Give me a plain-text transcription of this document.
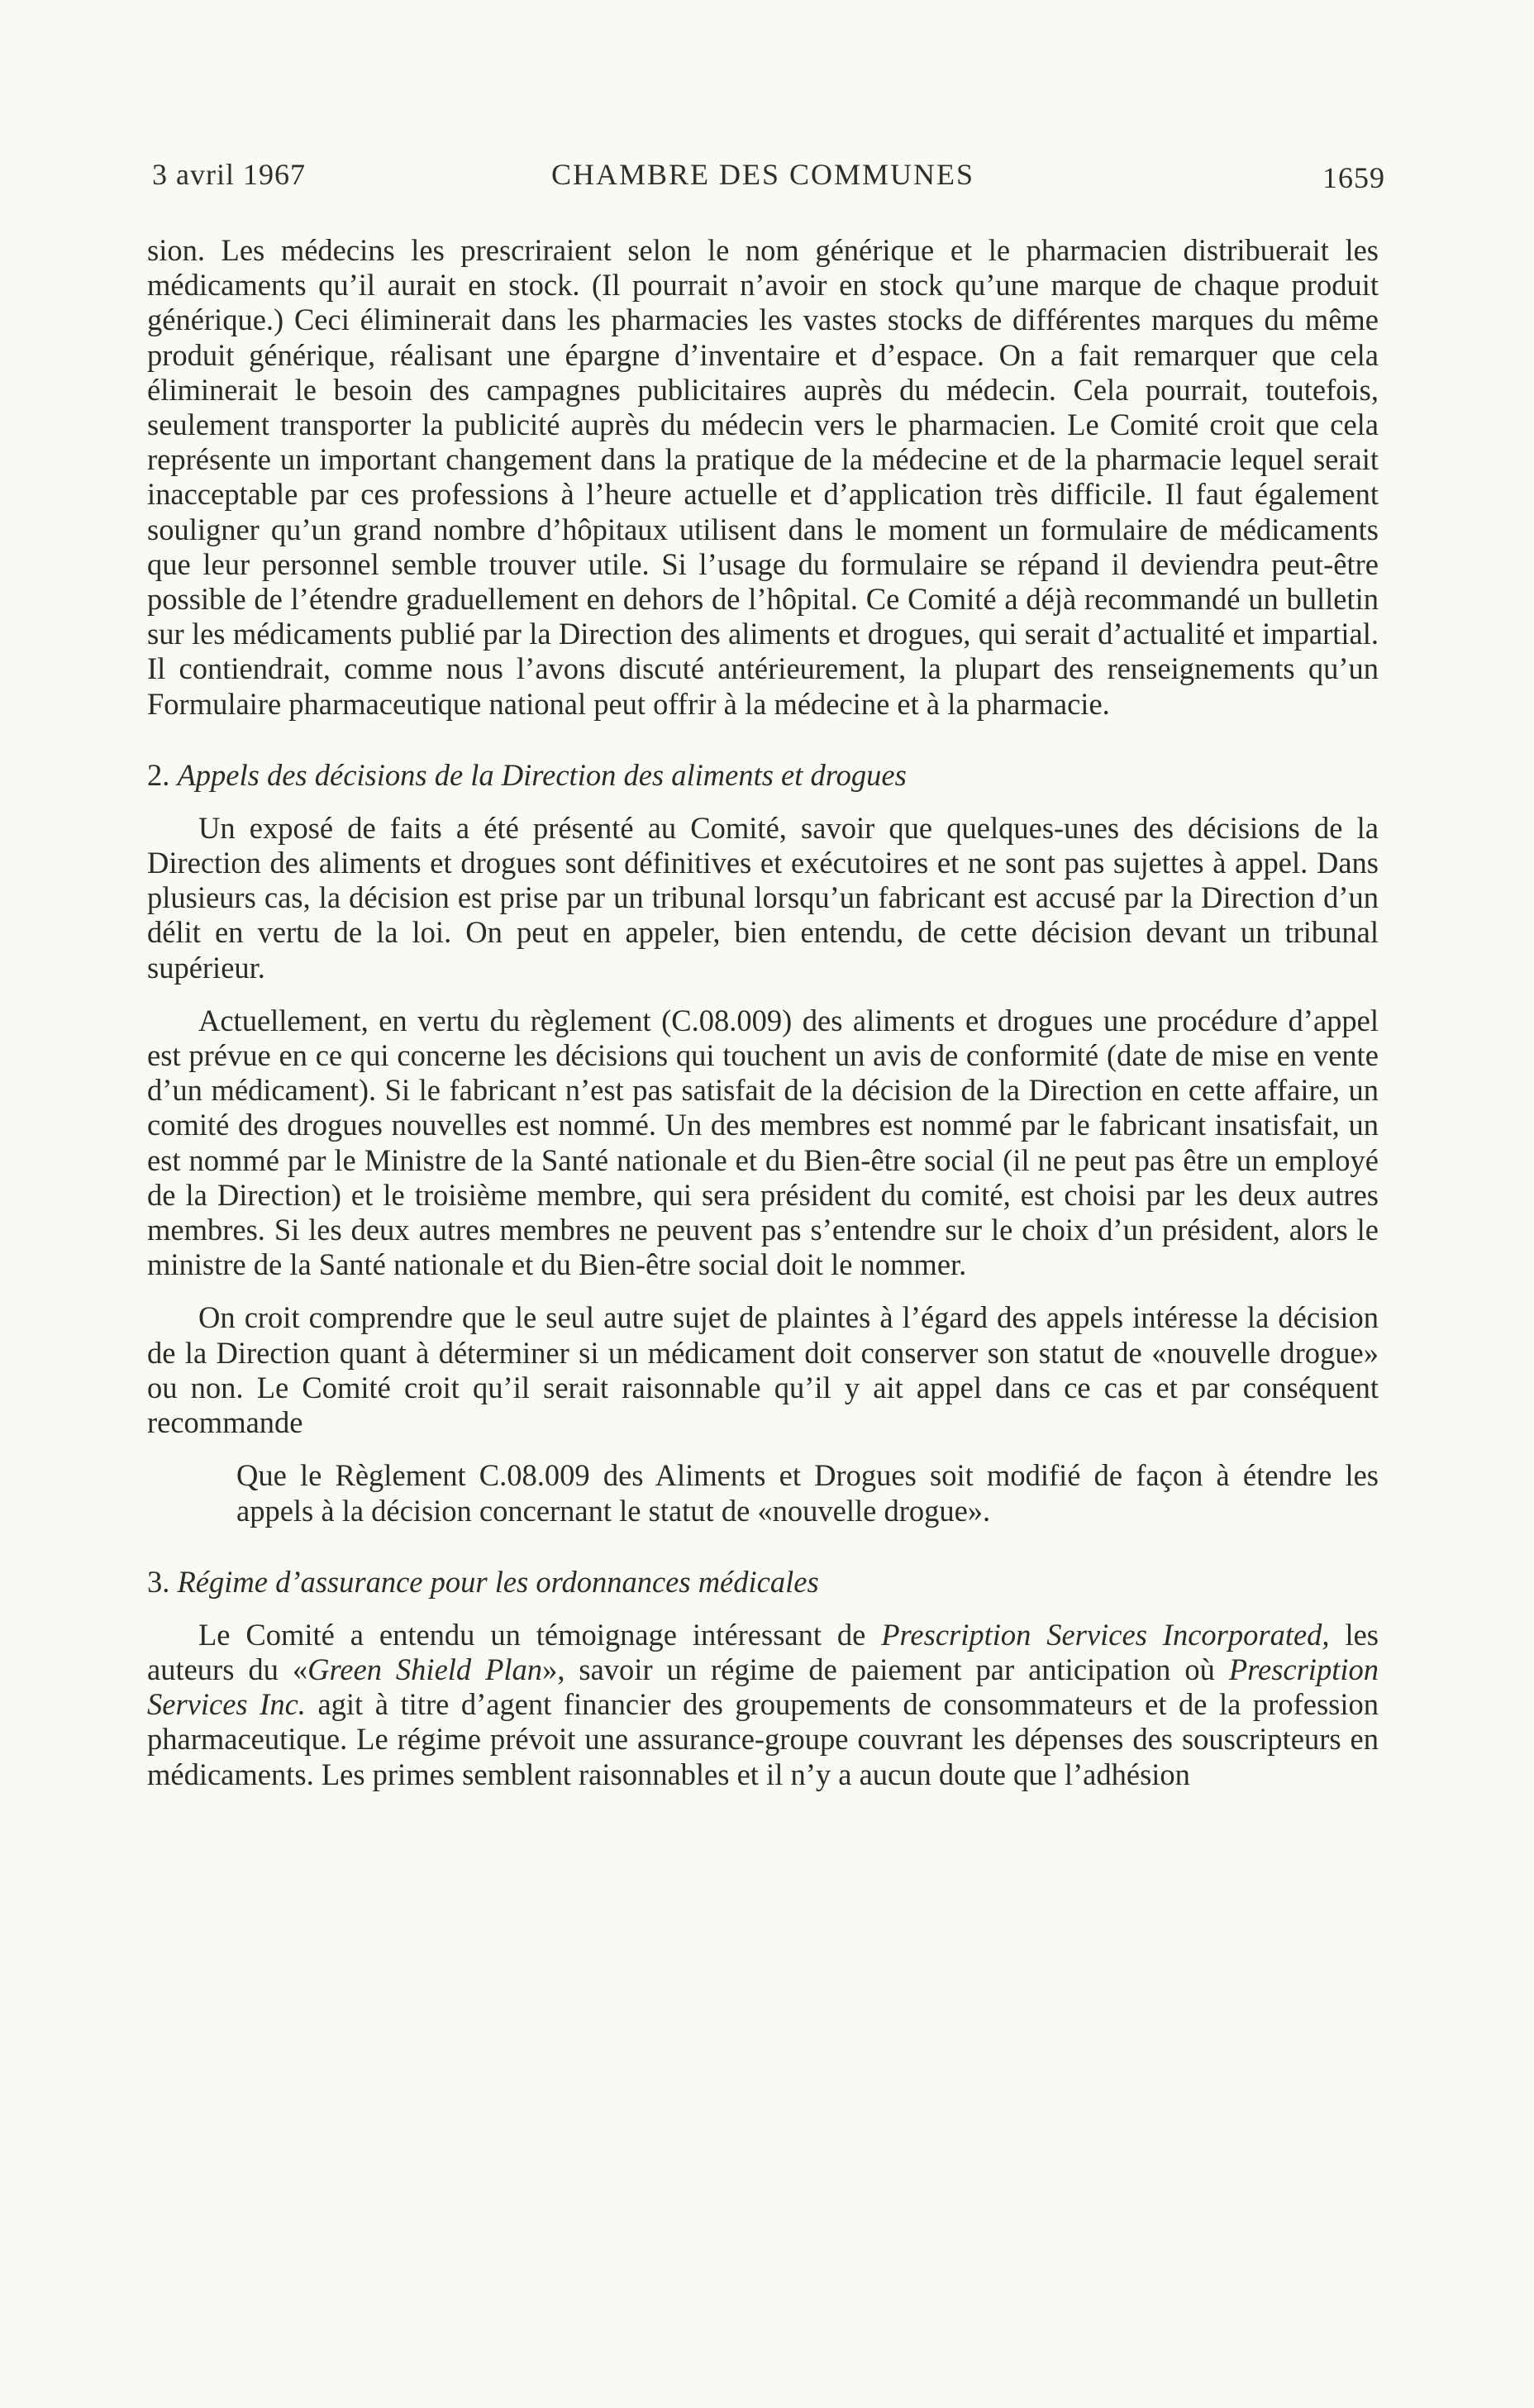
3 avril 1967	CHAMBRE DES COMMUNES	1659

sion. Les médecins les prescriraient selon le nom générique et le pharmacien distribuerait les médicaments qu’il aurait en stock. (Il pourrait n’avoir en stock qu’une marque de chaque produit générique.) Ceci éliminerait dans les pharmacies les vastes stocks de différentes marques du même produit générique, réalisant une épargne d’inventaire et d’espace. On a fait remarquer que cela éliminerait le besoin des campagnes publicitaires auprès du médecin. Cela pourrait, toutefois, seulement transporter la publicité auprès du médecin vers le pharmacien. Le Comité croit que cela représente un important changement dans la pratique de la médecine et de la pharmacie lequel serait inacceptable par ces professions à l’heure actuelle et d’application très difficile. Il faut également souligner qu’un grand nombre d’hôpitaux utilisent dans le moment un formulaire de médicaments que leur personnel semble trouver utile. Si l’usage du formulaire se répand il deviendra peut-être possible de l’étendre graduellement en dehors de l’hôpital. Ce Comité a déjà recommandé un bulletin sur les médicaments publié par la Direction des aliments et drogues, qui serait d’actualité et impartial. Il contiendrait, comme nous l’avons discuté antérieurement, la plupart des renseignements qu’un Formulaire pharmaceutique national peut offrir à la médecine et à la pharmacie.

2. Appels des décisions de la Direction des aliments et drogues

Un exposé de faits a été présenté au Comité, savoir que quelques-unes des décisions de la Direction des aliments et drogues sont définitives et exécutoires et ne sont pas sujettes à appel. Dans plusieurs cas, la décision est prise par un tribunal lorsqu’un fabricant est accusé par la Direction d’un délit en vertu de la loi. On peut en appeler, bien entendu, de cette décision devant un tribunal supérieur.

Actuellement, en vertu du règlement (C.08.009) des aliments et drogues une procédure d’appel est prévue en ce qui concerne les décisions qui touchent un avis de conformité (date de mise en vente d’un médicament). Si le fabricant n’est pas satisfait de la décision de la Direction en cette affaire, un comité des drogues nouvelles est nommé. Un des membres est nommé par le fabricant insatisfait, un est nommé par le Ministre de la Santé nationale et du Bien-être social (il ne peut pas être un employé de la Direction) et le troisième membre, qui sera président du comité, est choisi par les deux autres membres. Si les deux autres membres ne peuvent pas s’entendre sur le choix d’un président, alors le ministre de la Santé nationale et du Bien-être social doit le nommer.

On croit comprendre que le seul autre sujet de plaintes à l’égard des appels intéresse la décision de la Direction quant à déterminer si un médicament doit conserver son statut de «nouvelle drogue» ou non. Le Comité croit qu’il serait raisonnable qu’il y ait appel dans ce cas et par conséquent recommande

Que le Règlement C.08.009 des Aliments et Drogues soit modifié de façon à étendre les appels à la décision concernant le statut de «nouvelle drogue».

3. Régime d’assurance pour les ordonnances médicales

Le Comité a entendu un témoignage intéressant de Prescription Services Incorporated, les auteurs du «Green Shield Plan», savoir un régime de paiement par anticipation où Prescription Services Inc. agit à titre d’agent financier des groupements de consommateurs et de la profession pharmaceutique. Le régime prévoit une assurance-groupe couvrant les dépenses des souscripteurs en médicaments. Les primes semblent raisonnables et il n’y a aucun doute que l’adhésion
